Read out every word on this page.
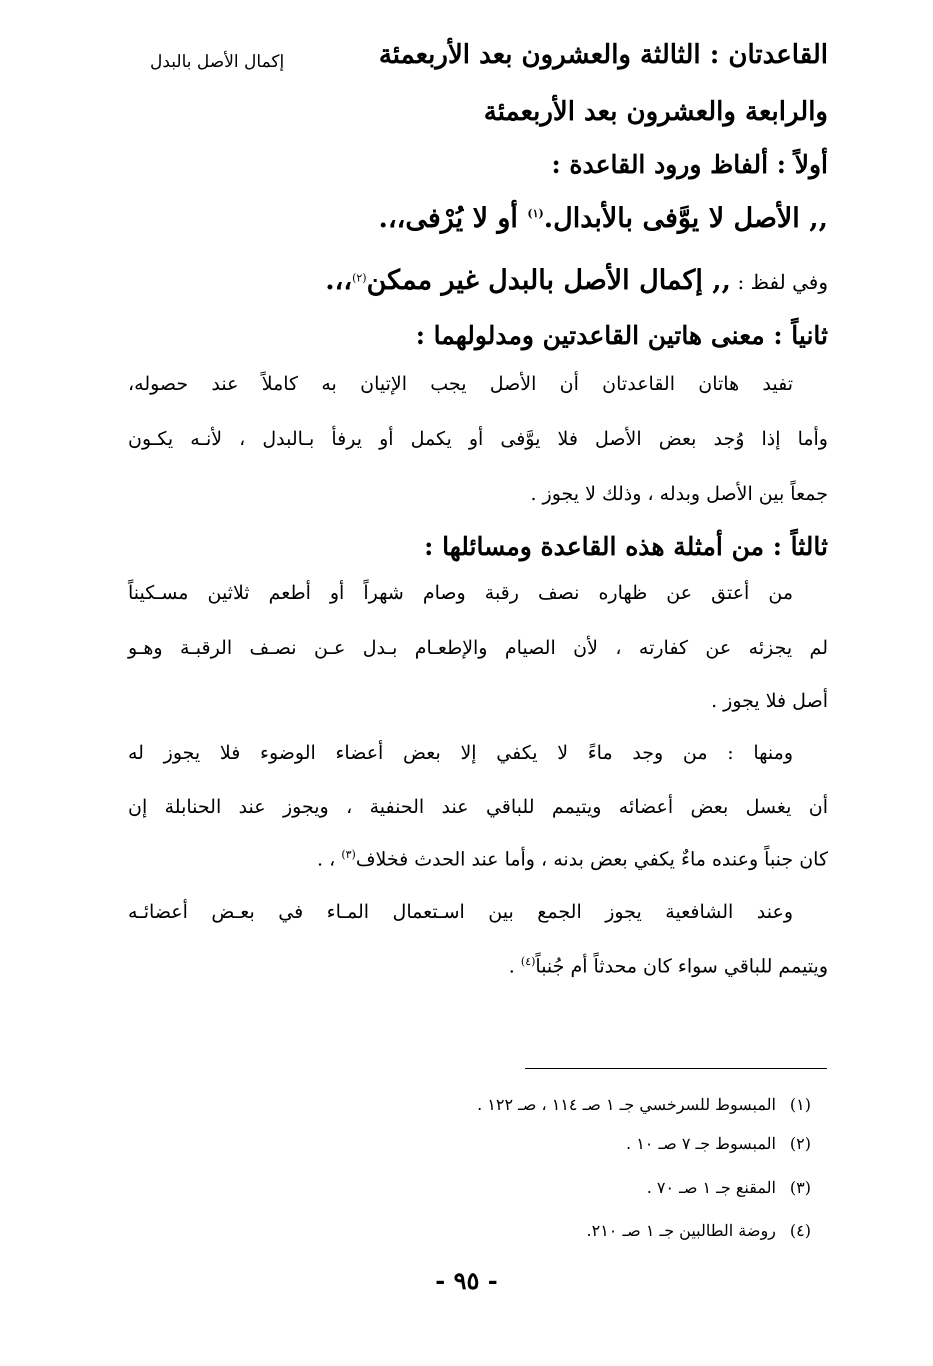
القاعدتان : الثالثة والعشرون بعد الأربعمئة
إكمال الأصل بالبدل
والرابعة والعشرون بعد الأربعمئة
أولاً : ألفاظ ورود القاعدة :
,, الأصل لا يوَّفى بالأبدال.$^{(١)}$ أو لا يُرْفى،،.
وفي لفظ : ,, إكمال الأصل بالبدل غير ممكن$^{(٢)}$،،.
ثانياً : معنى هاتين القاعدتين ومدلولهما :
تفيد هاتان القاعدتان أن الأصل يجب الإتيان به كاملاً عند حصوله،
وأما إذا وُجد بعض الأصل فلا يوَّفى أو يكمل أو يرفأ بـالبدل ، لأنـه يكـون
جمعاً بين الأصل وبدله ، وذلك لا يجوز .
ثالثاً : من أمثلة هذه القاعدة ومسائلها :
من أعتق عن ظهاره نصف رقبة وصام شهراً أو أطعم ثلاثين مسـكيناً
لم يجزئه عن كفارته ، لأن الصيام والإطعـام بـدل عـن نصـف الرقبـة وهـو
أصل فلا يجوز .
ومنها : من وجد ماءً لا يكفي إلا بعض أعضاء الوضوء فلا يجوز له
أن يغسل بعض أعضائه ويتيمم للباقي عند الحنفية ، ويجوز عند الحنابلة إن
كان جنباً وعنده ماءٌ يكفي بعض بدنه ، وأما عند الحدث فخلاف$^{(٣)}$ ، .
وعند الشافعية يجوز الجمع بين اسـتعمال المـاء في بعـض أعضائـه
ويتيمم للباقي سواء كان محدثاً أم جُنباً$^{(٤)}$ .
(١)المبسوط للسرخسي جـ ١ صـ ١١٤ ، صـ ١٢٢ .
(٢)المبسوط جـ ٧ صـ ١٠ .
(٣)المقنع جـ ١ صـ ٧٠ .
(٤)روضة الطالبين جـ ١ صـ ٢١٠.
- ٩٥ -
